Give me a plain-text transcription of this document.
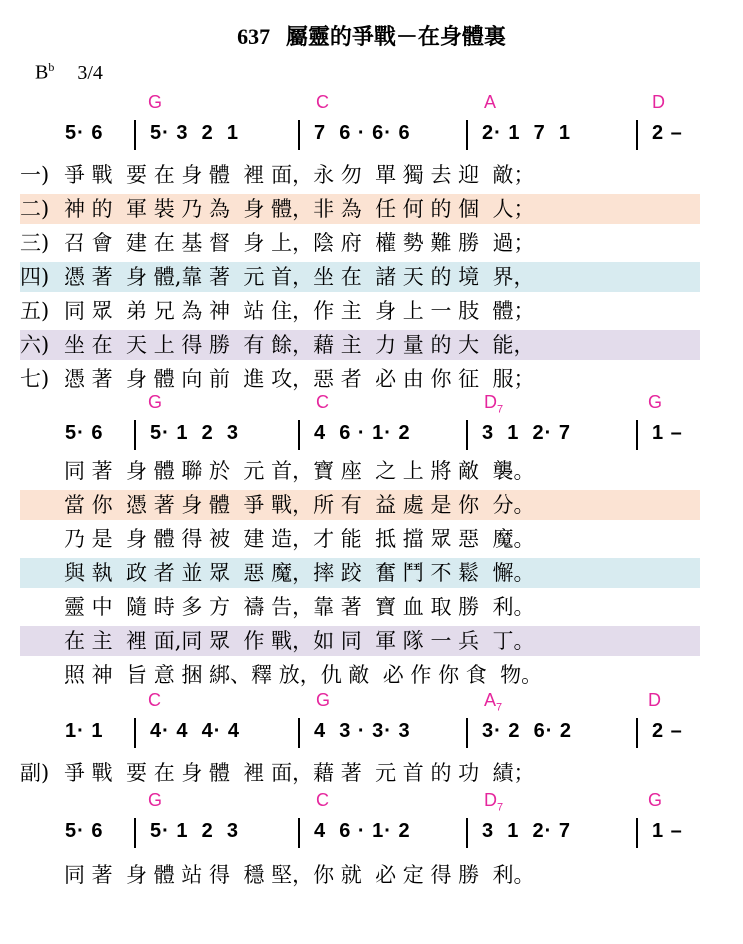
637 屬靈的爭戰－在身體裏
$B^b$ 3/4
G	C	A	D
5· 6 5· 3  2  1	7  6 · 6· 6	2· 1  7  1	2 –
一) 爭 戰  要 在 身 體  裡 面，永 勿  單 獨 去 迎  敵；
二) 神 的  軍 裝 乃 為  身 體，非 為  任 何 的 個  人；
三) 召 會  建 在 基 督  身 上，陰 府  權 勢 難 勝  過；
四) 憑 著  身 體,靠 著  元 首，坐 在  諸 天 的 境  界，
五) 同 眾  弟 兄 為 神  站 住，作 主  身 上 一 肢  體；
六) 坐 在  天 上 得 勝  有 餘，藉 主  力 量 的 大  能，
七) 憑 著  身 體 向 前  進 攻，惡 者  必 由 你 征  服；
G	C	$D_7$	G
5· 6 5· 1  2  3	4  6 · 1· 2	3  1  2· 7	1 –
同 著  身 體 聯 於  元 首，寶 座  之 上 將 敵  襲。
當 你  憑 著 身 體  爭 戰，所 有  益 處 是 你  分。
乃 是  身 體 得 被  建 造，才 能  抵 擋 眾 惡  魔。
與 執  政 者 並 眾  惡 魔，摔 跤  奮 鬥 不 鬆  懈。
靈 中  隨 時 多 方  禱 告，靠 著  寶 血 取 勝  利。
在 主  裡 面,同 眾  作 戰，如 同  軍 隊 一 兵  丁。
照 神  旨 意 捆 綁、釋 放，仇 敵  必 作 你 食  物。
C	G	$A_7$	D
1· 1 4· 4  4· 4	4  3 · 3· 3	3· 2  6· 2	2 –
副) 爭 戰  要 在 身 體  裡 面，藉 著  元 首 的 功  績；
G	C	$D_7$	G
5· 6 5· 1  2  3	4  6 · 1· 2	3  1  2· 7	1 –
同 著  身 體 站 得  穩 堅，你 就  必 定 得 勝  利。
